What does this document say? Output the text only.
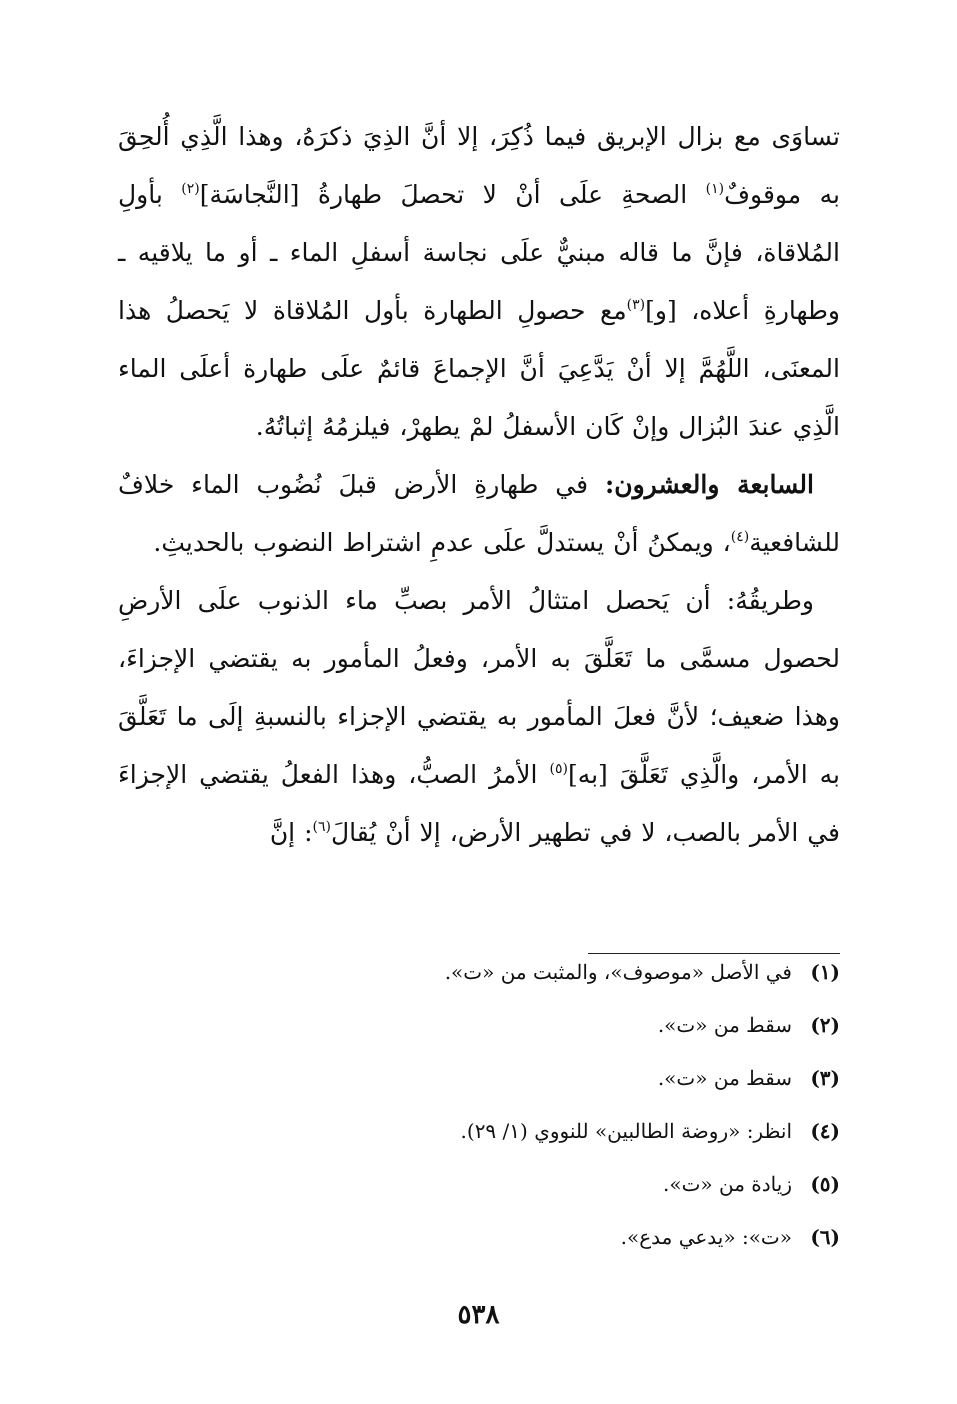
تساوَى مع بزال الإبريق فيما ذُكِرَ، إلا أنَّ الذِيَ ذكرَهُ، وهذا الَّذِي أُلحِقَ به موقوفٌ$^{(١)}$ الصحةِ علَى أنْ لا تحصلَ طهارةُ [النَّجاسَة]$^{(٢)}$ بأولِ المُلاقاة، فإنَّ ما قاله مبنيٌّ علَى نجاسة أسفلِ الماء ـ أو ما يلاقيه ـ وطهارةِ أعلاه، [و]$^{(٣)}$مع حصولِ الطهارة بأول المُلاقاة لا يَحصلُ هذا المعنَى، اللَّهُمَّ إلا أنْ يَدَّعِيَ أنَّ الإجماعَ قائمٌ علَى طهارة أعلَى الماء الَّذِي عندَ البُزال وإنْ كَان الأسفلُ لمْ يطهرْ، فيلزمُهُ إثباتُهُ.

السابعة والعشرون: في طهارةِ الأرض قبلَ نُضُوب الماء خلافٌ للشافعية$^{(٤)}$، ويمكنُ أنْ يستدلَّ علَى عدمِ اشتراط النضوب بالحديثِ.

وطريقُهُ: أن يَحصل امتثالُ الأمر بصبِّ ماء الذنوب علَى الأرضِ لحصول مسمَّى ما تَعَلَّقَ به الأمر، وفعلُ المأمور به يقتضي الإجزاءَ، وهذا ضعيف؛ لأنَّ فعلَ المأمور به يقتضي الإجزاء بالنسبةِ إلَى ما تَعَلَّقَ به الأمر، والَّذِي تَعَلَّقَ [به]$^{(٥)}$ الأمرُ الصبُّ، وهذا الفعلُ يقتضي الإجزاءَ في الأمر بالصب، لا في تطهير الأرض، إلا أنْ يُقالَ$^{(٦)}$: إنَّ

(١)
في الأصل «موصوف»، والمثبت من «ت».
(٢)
سقط من «ت».
(٣)
سقط من «ت».
(٤)
انظر: «روضة الطالبين» للنووي (١/ ٢٩).
(٥)
زيادة من «ت».
(٦)
«ت»: «يدعي مدع».
٥٣٨
